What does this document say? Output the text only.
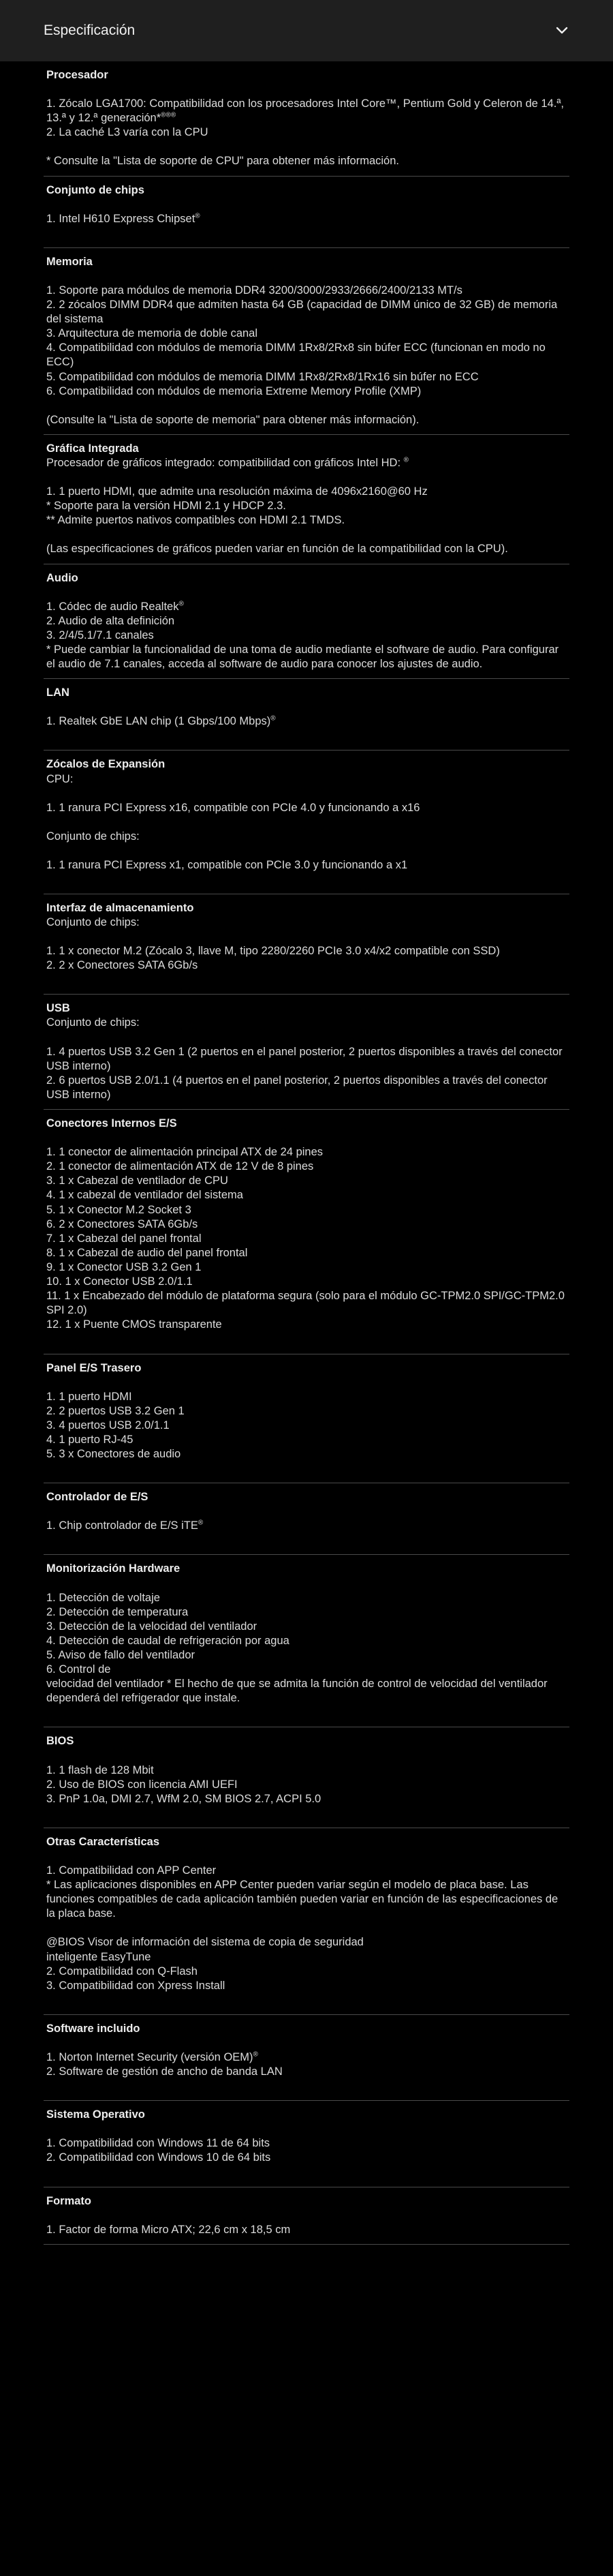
Especificación
Procesador
1. Zócalo LGA1700: Compatibilidad con los procesadores Intel Core™, Pentium Gold y Celeron de 14.ª, 13.ª y 12.ª generación*®®®
2. La caché L3 varía con la CPU
* Consulte la "Lista de soporte de CPU" para obtener más información.
Conjunto de chips
1. Intel H610 Express Chipset®
Memoria
1. Soporte para módulos de memoria DDR4 3200/3000/2933/2666/2400/2133 MT/s
2. 2 zócalos DIMM DDR4 que admiten hasta 64 GB (capacidad de DIMM único de 32 GB) de memoria del sistema
3. Arquitectura de memoria de doble canal
4. Compatibilidad con módulos de memoria DIMM 1Rx8/2Rx8 sin búfer ECC (funcionan en modo no ECC)
5. Compatibilidad con módulos de memoria DIMM 1Rx8/2Rx8/1Rx16 sin búfer no ECC
6. Compatibilidad con módulos de memoria Extreme Memory Profile (XMP)
(Consulte la "Lista de soporte de memoria" para obtener más información).
Gráfica Integrada
Procesador de gráficos integrado: compatibilidad con gráficos Intel HD: ®
1. 1 puerto HDMI, que admite una resolución máxima de 4096x2160@60 Hz
* Soporte para la versión HDMI 2.1 y HDCP 2.3.
** Admite puertos nativos compatibles con HDMI 2.1 TMDS.
(Las especificaciones de gráficos pueden variar en función de la compatibilidad con la CPU).
Audio
1. Códec de audio Realtek®
2. Audio de alta definición
3. 2/4/5.1/7.1 canales
* Puede cambiar la funcionalidad de una toma de audio mediante el software de audio. Para configurar el audio de 7.1 canales, acceda al software de audio para conocer los ajustes de audio.
LAN
1. Realtek GbE LAN chip (1 Gbps/100 Mbps)®
Zócalos de Expansión
CPU:
1. 1 ranura PCI Express x16, compatible con PCIe 4.0 y funcionando a x16
Conjunto de chips:
1. 1 ranura PCI Express x1, compatible con PCIe 3.0 y funcionando a x1
Interfaz de almacenamiento
Conjunto de chips:
1. 1 x conector M.2 (Zócalo 3, llave M, tipo 2280/2260 PCIe 3.0 x4/x2 compatible con SSD)
2. 2 x Conectores SATA 6Gb/s
USB
Conjunto de chips:
1. 4 puertos USB 3.2 Gen 1 (2 puertos en el panel posterior, 2 puertos disponibles a través del conector USB interno)
2. 6 puertos USB 2.0/1.1 (4 puertos en el panel posterior, 2 puertos disponibles a través del conector USB interno)
Conectores Internos E/S
1. 1 conector de alimentación principal ATX de 24 pines
2. 1 conector de alimentación ATX de 12 V de 8 pines
3. 1 x Cabezal de ventilador de CPU
4. 1 x cabezal de ventilador del sistema
5. 1 x Conector M.2 Socket 3
6. 2 x Conectores SATA 6Gb/s
7. 1 x Cabezal del panel frontal
8. 1 x Cabezal de audio del panel frontal
9. 1 x Conector USB 3.2 Gen 1
10. 1 x Conector USB 2.0/1.1
11. 1 x Encabezado del módulo de plataforma segura (solo para el módulo GC-TPM2.0 SPI/GC-TPM2.0 SPI 2.0)
12. 1 x Puente CMOS transparente
Panel E/S Trasero
1. 1 puerto HDMI
2. 2 puertos USB 3.2 Gen 1
3. 4 puertos USB 2.0/1.1
4. 1 puerto RJ-45
5. 3 x Conectores de audio
Controlador de E/S
1. Chip controlador de E/S iTE®
Monitorización Hardware
1. Detección de voltaje
2. Detección de temperatura
3. Detección de la velocidad del ventilador
4. Detección de caudal de refrigeración por agua
5. Aviso de fallo del ventilador
6. Control de
velocidad del ventilador * El hecho de que se admita la función de control de velocidad del ventilador dependerá del refrigerador que instale.
BIOS
1. 1 flash de 128 Mbit
2. Uso de BIOS con licencia AMI UEFI
3. PnP 1.0a, DMI 2.7, WfM 2.0, SM BIOS 2.7, ACPI 5.0
Otras Características
1. Compatibilidad con APP Center
* Las aplicaciones disponibles en APP Center pueden variar según el modelo de placa base. Las funciones compatibles de cada aplicación también pueden variar en función de las especificaciones de la placa base.
@BIOS Visor de información del sistema de copia de seguridad
inteligente EasyTune
2. Compatibilidad con Q-Flash
3. Compatibilidad con Xpress Install
Software incluido
1. Norton Internet Security (versión OEM)®
2. Software de gestión de ancho de banda LAN
Sistema Operativo
1. Compatibilidad con Windows 11 de 64 bits
2. Compatibilidad con Windows 10 de 64 bits
Formato
1. Factor de forma Micro ATX; 22,6 cm x 18,5 cm
